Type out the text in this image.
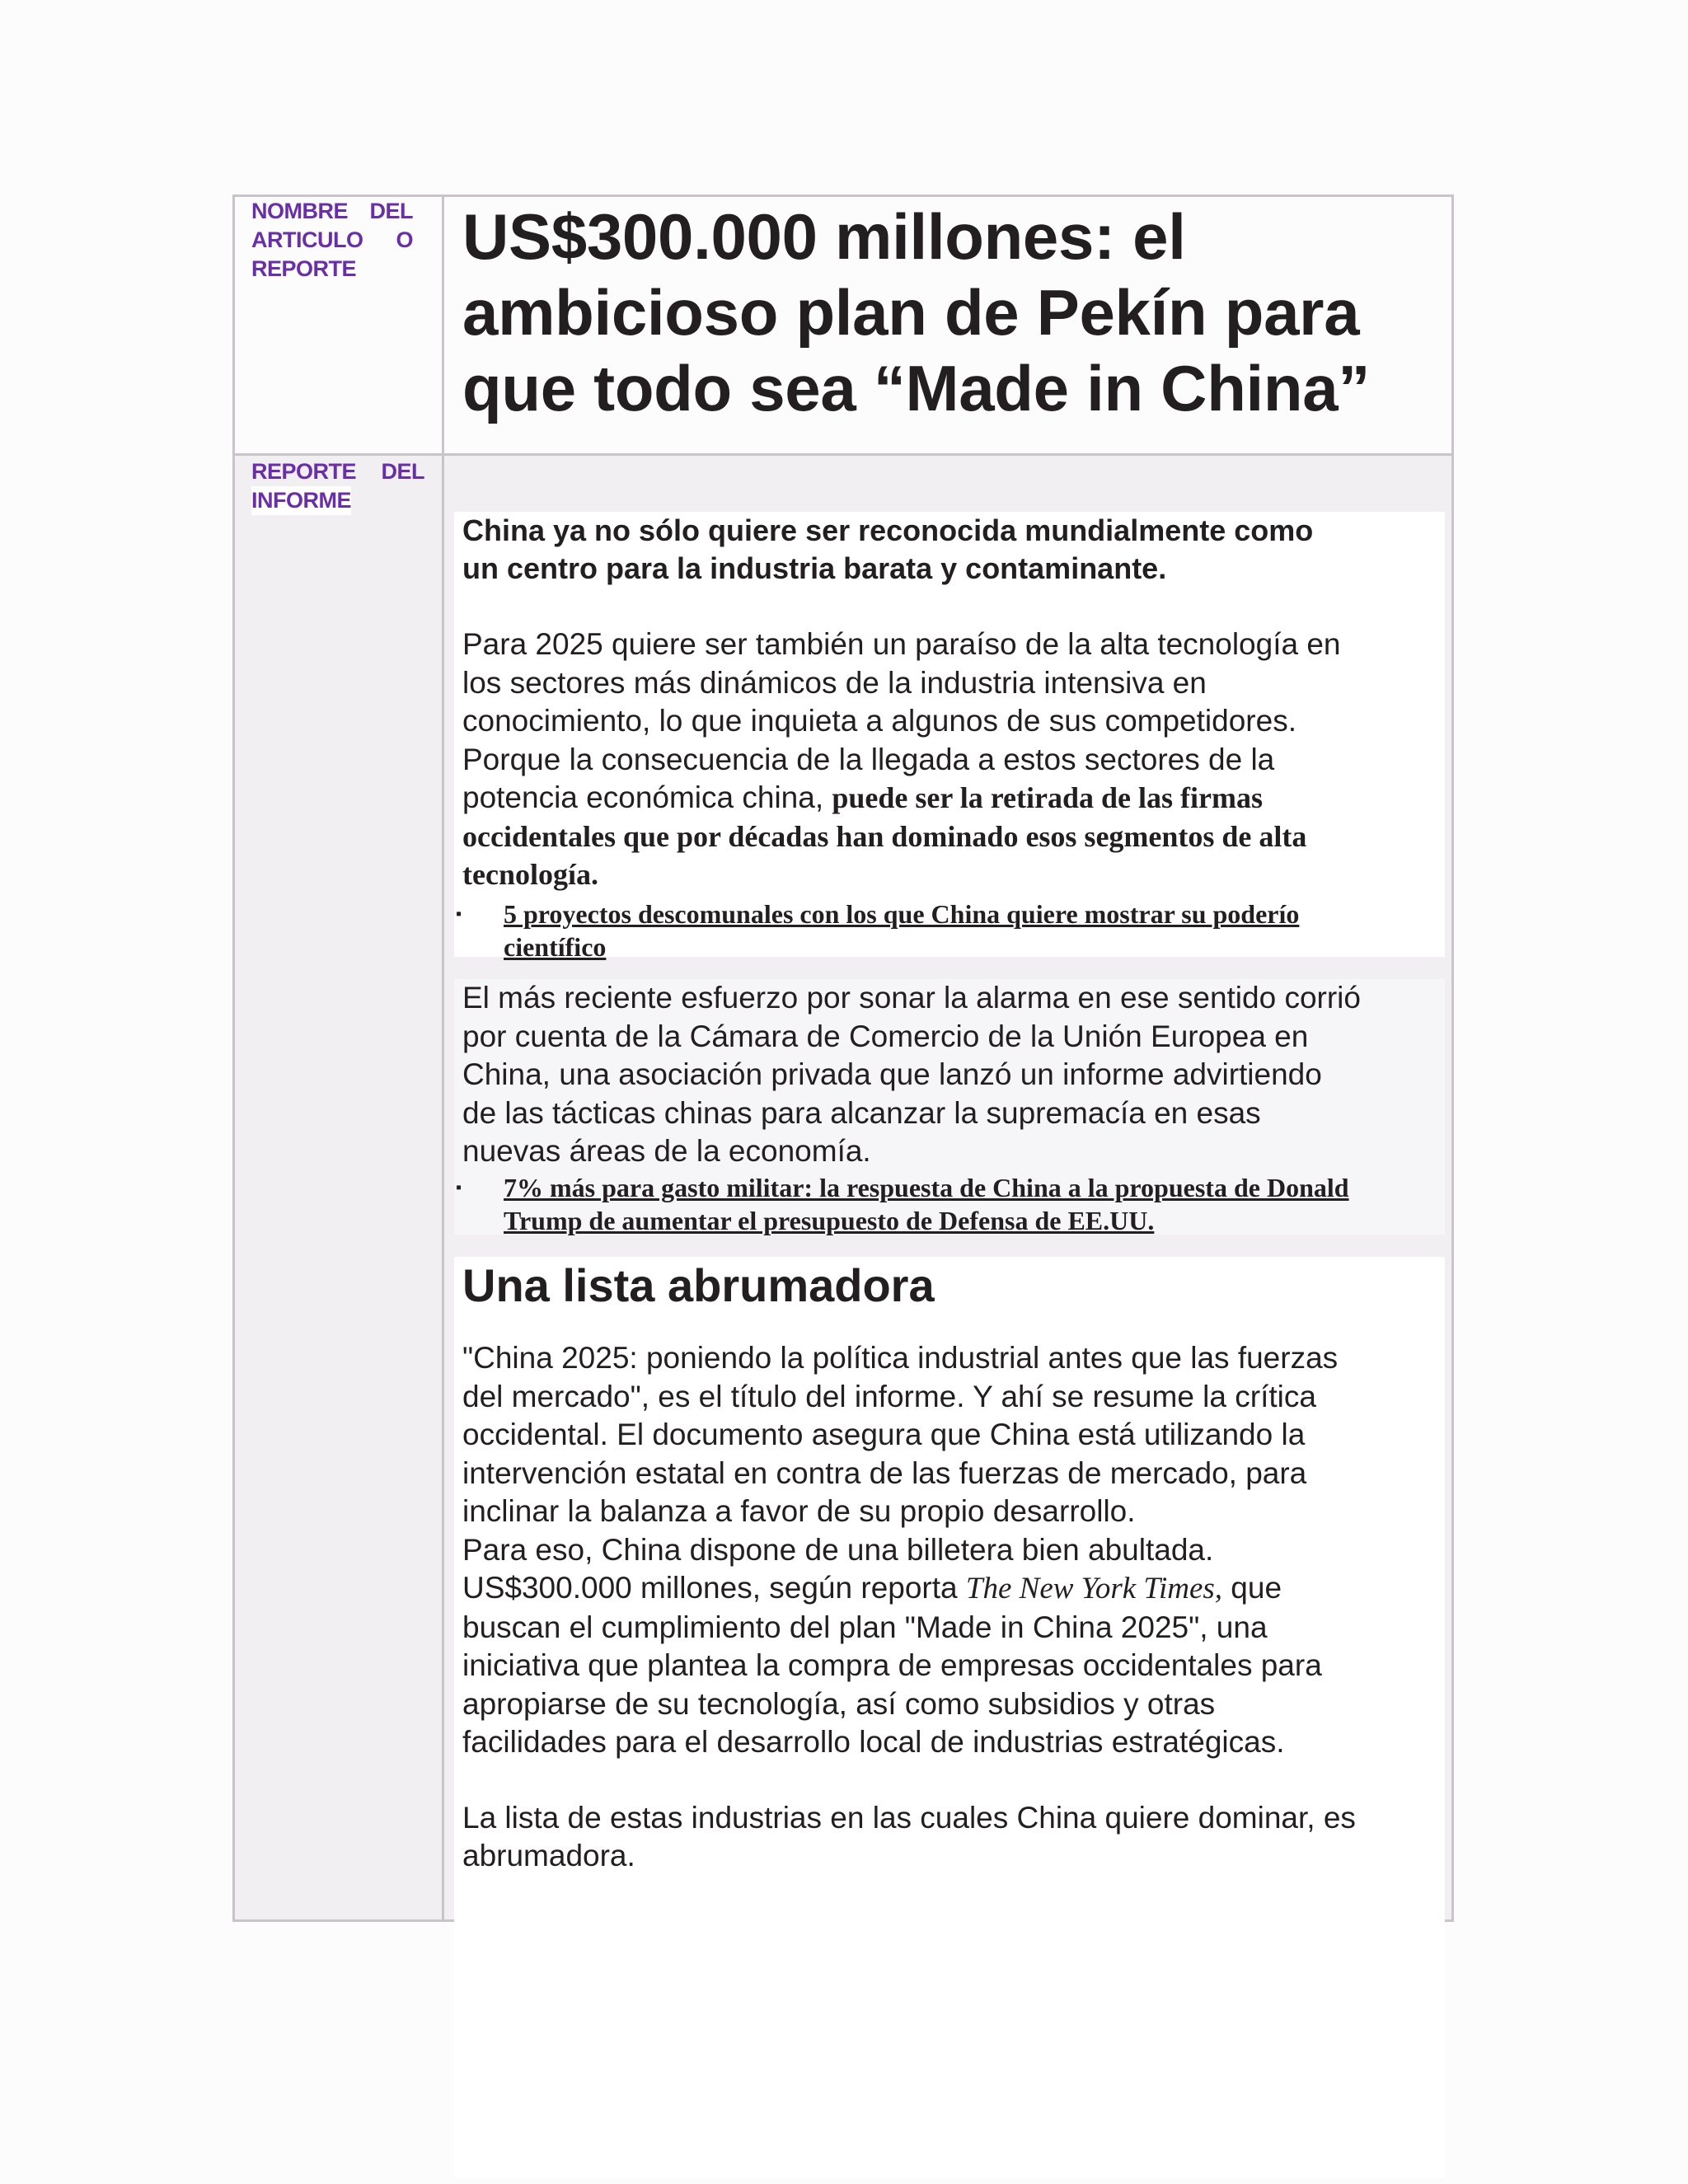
NOMBRE DEL
ARTICULO O
REPORTE	US$300.000 millones: el
ambicioso plan de Pekín para
que todo sea “Made in China”
REPORTE DEL
INFORME

China ya no sólo quiere ser reconocida mundialmente como
un centro para la industria barata y contaminante.

Para 2025 quiere ser también un paraíso de la alta tecnología en
los sectores más dinámicos de la industria intensiva en
conocimiento, lo que inquieta a algunos de sus competidores.
Porque la consecuencia de la llegada a estos sectores de la
potencia económica china, puede ser la retirada de las firmas
occidentales que por décadas han dominado esos segmentos de alta
tecnología.

▪	5 proyectos descomunales con los que China quiere mostrar su poderío
científico

El más reciente esfuerzo por sonar la alarma en ese sentido corrió
por cuenta de la Cámara de Comercio de la Unión Europea en
China, una asociación privada que lanzó un informe advirtiendo
de las tácticas chinas para alcanzar la supremacía en esas
nuevas áreas de la economía.

▪	7% más para gasto militar: la respuesta de China a la propuesta de Donald
Trump de aumentar el presupuesto de Defensa de EE.UU.
Una lista abrumadora

"China 2025: poniendo la política industrial antes que las fuerzas
del mercado", es el título del informe. Y ahí se resume la crítica
occidental. El documento asegura que China está utilizando la
intervención estatal en contra de las fuerzas de mercado, para
inclinar la balanza a favor de su propio desarrollo.
Para eso, China dispone de una billetera bien abultada.
US$300.000 millones, según reporta The New York Times, que
buscan el cumplimiento del plan "Made in China 2025", una
iniciativa que plantea la compra de empresas occidentales para
apropiarse de su tecnología, así como subsidios y otras
facilidades para el desarrollo local de industrias estratégicas.

La lista de estas industrias en las cuales China quiere dominar, es
abrumadora.
